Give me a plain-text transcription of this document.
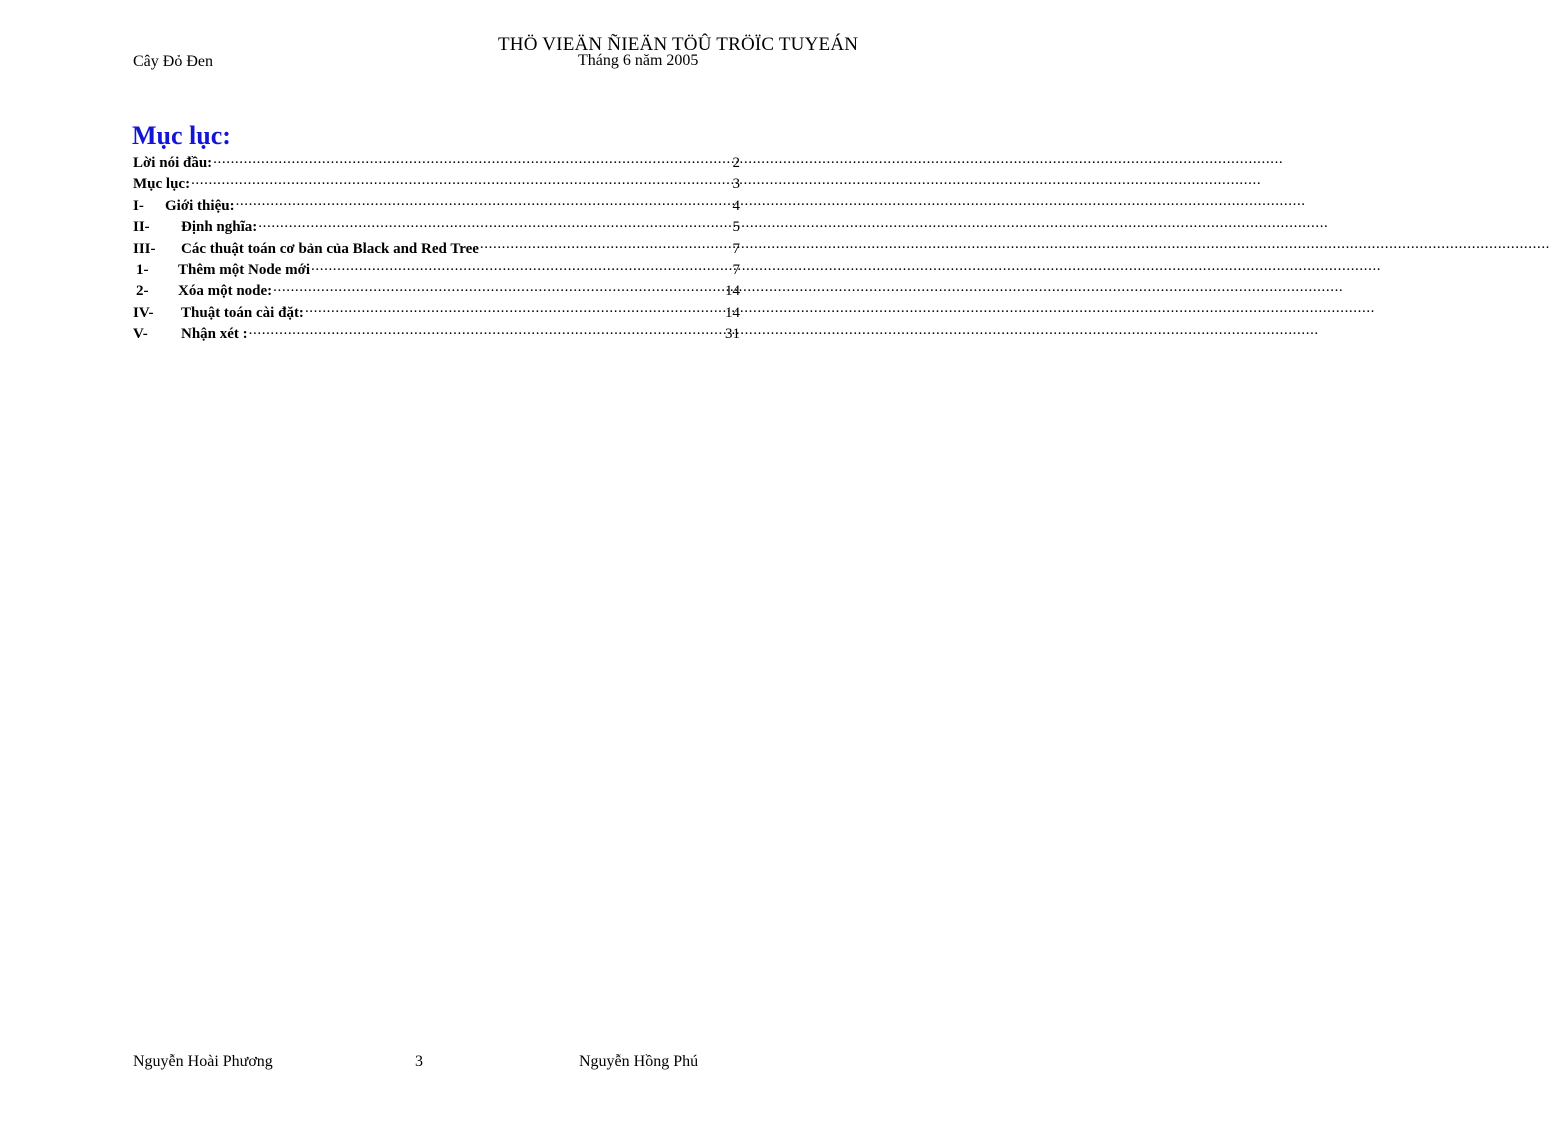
THÖ VIEÄN ÑIEÄN TÖÛ TRÖÏC TUYEÁN
Cây Đỏ Đen	Tháng 6 năm 2005
Mục lục:
Lời nói đầu: .....	2
Mục lục: .....	3
I-	Giới thiệu: .....	4
II-	Định nghĩa: .....	5
III-	Các thuật toán cơ bản của Black and Red Tree .....	7
1-	Thêm một Node mới .....	7
2-	Xóa một node: .....	14
IV-	Thuật toán cài đặt: .....	14
V-	Nhận xét : .....	31
Nguyễn Hoài Phương	3	Nguyễn Hồng Phú
